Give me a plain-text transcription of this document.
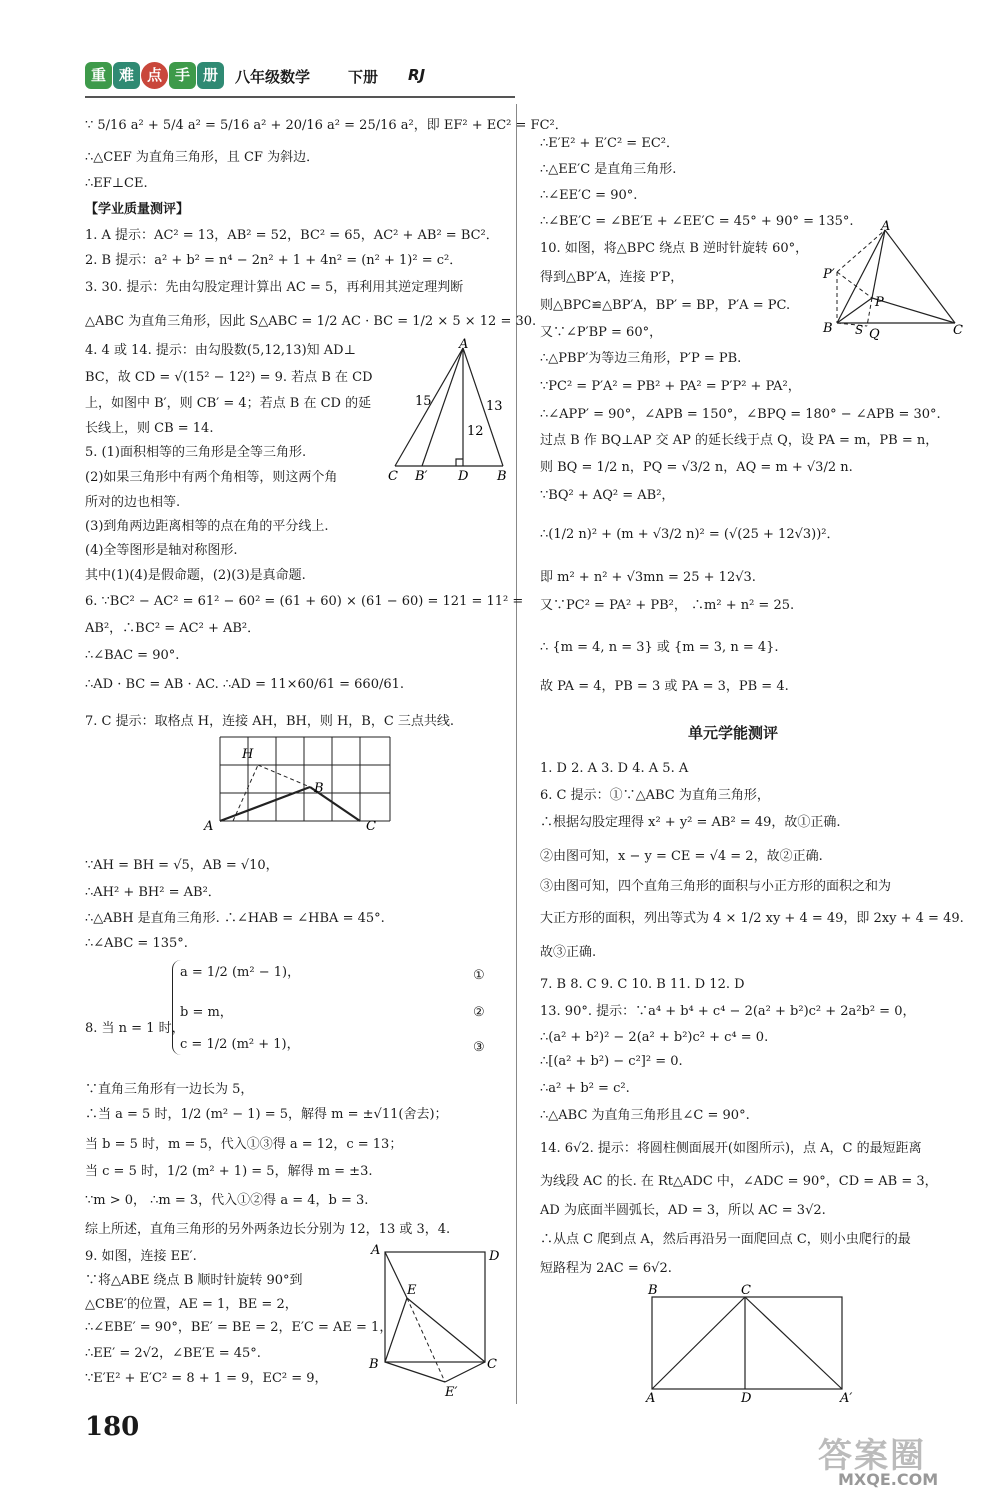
重 难 点 手 册	八年级数学	下册 RJ
∵ 5/16 a² + 5/4 a² = 5/16 a² + 20/16 a² = 25/16 a²，即 EF² + EC² = FC²．
∴△CEF 为直角三角形，且 CF 为斜边．
∴EF⊥CE.
【学业质量测评】
1. A 提示：AC² = 13，AB² = 52，BC² = 65，AC² + AB² = BC²．
2. B 提示：a² + b² = n⁴ − 2n² + 1 + 4n² = (n² + 1)² = c²．
3. 30. 提示：先由勾股定理计算出 AC = 5，再利用其逆定理判断
△ABC 为直角三角形，因此 S△ABC = 1/2 AC · BC = 1/2 × 5 × 12 = 30.
4. 4 或 14. 提示：由勾股数(5,12,13)知 AD⊥
BC，故 CD = √(15² − 12²) = 9. 若点 B 在 CD
上，如图中 B′，则 CB′ = 4；若点 B 在 CD 的延
长线上，则 CB = 14.
5. (1)面积相等的三角形是全等三角形.
(2)如果三角形中有两个角相等，则这两个角
所对的边也相等.
(3)到角两边距离相等的点在角的平分线上.
(4)全等图形是轴对称图形.
其中(1)(4)是假命题，(2)(3)是真命题.
6. ∵BC² − AC² = 61² − 60² = (61 + 60) × (61 − 60) = 121 = 11² =
AB²，∴BC² = AC² + AB²．
∴∠BAC = 90°.
∴AD · BC = AB · AC. ∴AD = 11×60/61 = 660/61.
7. C 提示：取格点 H，连接 AH，BH，则 H，B，C 三点共线.
∵AH = BH = √5，AB = √10，
∴AH² + BH² = AB²．
∴△ABH 是直角三角形. ∴∠HAB = ∠HBA = 45°.
∴∠ABC = 135°.
∵直角三角形有一边长为 5，
∴当 a = 5 时，1/2 (m² − 1) = 5，解得 m = ±√11(舍去)；
当 b = 5 时，m = 5，代入①③得 a = 12，c = 13；
当 c = 5 时，1/2 (m² + 1) = 5，解得 m = ±3.
∵m > 0， ∴m = 3，代入①②得 a = 4，b = 3.
综上所述，直角三角形的另外两条边长分别为 12，13 或 3，4.
9. 如图，连接 EE′.
∵将△ABE 绕点 B 顺时针旋转 90°到
△CBE′的位置，AE = 1，BE = 2，
∴∠EBE′ = 90°，BE′ = BE = 2，E′C = AE = 1，
∴EE′ = 2√2，∠BE′E = 45°.
∵E′E² + E′C² = 8 + 1 = 9，EC² = 9，
8. 当 n = 1 时，
a = 1/2 (m² − 1)，
b = m，
c = 1/2 (m² + 1)，
①
②
③
∴E′E² + E′C² = EC²．
∴△EE′C 是直角三角形.
∴∠EE′C = 90°.
∴∠BE′C = ∠BE′E + ∠EE′C = 45° + 90° = 135°.
10. 如图，将△BPC 绕点 B 逆时针旋转 60°，
得到△BP′A，连接 P′P，
则△BPC≌△BP′A，BP′ = BP，P′A = PC.
又∵∠P′BP = 60°，
∴△PBP′为等边三角形，P′P = PB.
∵PC² = P′A² = PB² + PA² = P′P² + PA²，
∴∠APP′ = 90°，∠APB = 150°，∠BPQ = 180° − ∠APB = 30°.
过点 B 作 BQ⊥AP 交 AP 的延长线于点 Q，设 PA = m，PB = n，
则 BQ = 1/2 n，PQ = √3/2 n，AQ = m + √3/2 n.
∵BQ² + AQ² = AB²，
∴(1/2 n)² + (m + √3/2 n)² = (√(25 + 12√3))²．
即 m² + n² + √3mn = 25 + 12√3.
又∵PC² = PA² + PB²， ∴m² + n² = 25.
∴ {m = 4, n = 3} 或 {m = 3, n = 4}.
故 PA = 4，PB = 3 或 PA = 3，PB = 4.
单元学能测评
1. D 2. A 3. D 4. A 5. A
6. C 提示：①∵△ABC 为直角三角形，
∴根据勾股定理得 x² + y² = AB² = 49，故①正确.
②由图可知，x − y = CE = √4 = 2，故②正确.
③由图可知，四个直角三角形的面积与小正方形的面积之和为
大正方形的面积，列出等式为 4 × 1/2 xy + 4 = 49，即 2xy + 4 = 49.
故③正确.
7. B 8. C 9. C 10. B 11. D 12. D
13. 90°. 提示：∵a⁴ + b⁴ + c⁴ − 2(a² + b²)c² + 2a²b² = 0，
∴(a² + b²)² − 2(a² + b²)c² + c⁴ = 0.
∴[(a² + b²) − c²]² = 0.
∴a² + b² = c².
∴△ABC 为直角三角形且∠C = 90°.
14. 6√2. 提示：将圆柱侧面展开(如图所示)，点 A，C 的最短距离
为线段 AC 的长. 在 Rt△ADC 中，∠ADC = 90°，CD = AB = 3，
AD 为底面半圆弧长，AD = 3，所以 AC = 3√2.
∴从点 C 爬到点 A，然后再沿另一面爬回点 C，则小虫爬行的最
短路程为 2AC = 6√2.
A
C B′ D B
15
12
13
H
B
A	C
A	D
E
B	C
E′
A
P′
P
B S Q	C
B	C
A	D	A′
180
答案圈
MXQE.COM
